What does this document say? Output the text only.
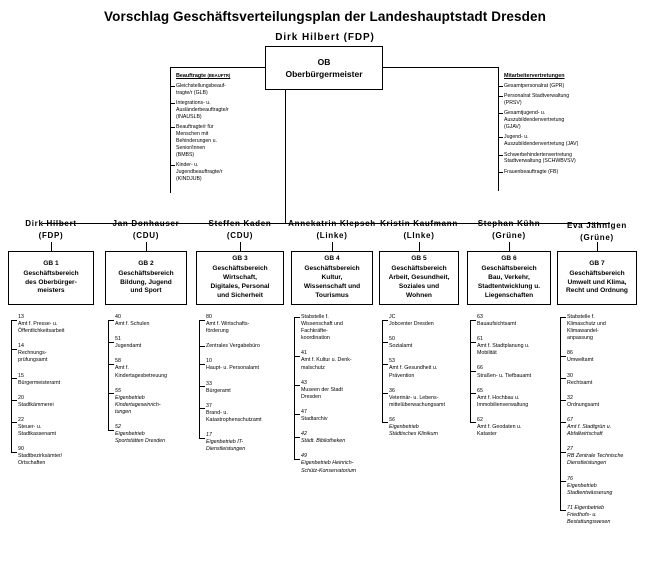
Vorschlag Geschäftsverteilungsplan der Landeshauptstadt Dresden
Dirk Hilbert (FDP)
OB
Oberbürgermeister
Beauftragte (BEAUFTR)
Gleichstellungsbeauf-
tragte/r (GLB)
Integrations- u.
Ausländerbeauftragte/r
(INAUSLB)
Beauftragte/r für
Menschen mit
Behinderungen u.
Senior/innen
(BMBS)
Kinder- u.
Jugendbeauftragte/r
(KINDJUB)
Mitarbeitervertretungen
Gesamtpersonalrat (GPR)
Personalrat Stadtverwaltung
(PRSV)
Gesamtjugend- u.
Auszubildendenvertretung
(GJAV)
Jugend- u.
Auszubildendenvertretung (JAV)
Schwerbehindertenvertretung
Stadtverwaltung (SCHWBVSV)
Frauenbeauftragte (FB)
Dirk Hilbert
(FDP)
GB 1
Geschäftsbereich
des Oberbürger-
meisters
13
Amt f. Presse- u.
Öffentlichkeitsarbeit
14
Rechnungs-
prüfungsamt
15
Bürgermeisteramt
20
Stadtkämmerei
22
Steuer- u.
Stadtkassenamt
90
Stadtbezirksämter/
Ortschaften
Jan Donhauser
(CDU)
GB 2
Geschäftsbereich
Bildung, Jugend
und Sport
40
Amt f. Schulen
51
Jugendamt
58
Amt f.
Kindertagesbetreuung
55
Eigenbetrieb
Kindertageseinrich-
tungen
52
Eigenbetrieb
Sportstätten Dresden
Steffen Kaden
(CDU)
GB 3
Geschäftsbereich
Wirtschaft,
Digitales, Personal
und Sicherheit
80
Amt f. Wirtschafts-
förderung
Zentrales Vergabebüro
10
Haupt- u. Personalamt
33
Bürgeramt
37
Brand- u.
Katastrophenschutzamt
17
Eigenbetrieb IT-
Dienstleistungen
Annekatrin Klepsch
(Linke)
GB 4
Geschäftsbereich
Kultur,
Wissenschaft und
Tourismus
Stabstelle f.
Wissenschaft und
Fachkräfte-
koordination
41
Amt f. Kultur u. Denk-
malschutz
43
Museen der Stadt
Dresden
47
Stadtarchiv
42
Städt. Bibliotheken
49
Eigenbetrieb Heinrich-
Schütz-Konservatorium
Kristin Kaufmann
(LInke)
GB 5
Geschäftsbereich
Arbeit, Gesundheit,
Soziales und
Wohnen
JC
Jobcenter Dresden
50
Sozialamt
53
Amt f. Gesundheit u.
Prävention
36
Veterinär- u. Lebens-
mittelüberwachungsamt
56
Eigenbetrieb
Städtisches Klinikum
Stephan Kühn
(Grüne)
GB 6
Geschäftsbereich
Bau, Verkehr,
Stadtentwicklung u.
Liegenschaften
63
Bauaufsichtsamt
61
Amt f. Stadtplanung u.
Mobilität
66
Straßen- u. Tiefbauamt
65
Amt f. Hochbau u.
Immobilienverwaltung
62
Amt f. Geodaten u.
Kataster
Eva Jähnigen
(Grüne)
GB 7
Geschäftsbereich
Umwelt und Klima,
Recht und Ordnung
Stabstelle f.
Klimaschutz und
Klimawandel-
anpassung
86
Umweltamt
30
Rechtsamt
32
Ordnungsamt
67
Amt f. Stadtgrün u.
Abfallwirtschaft
27
RB Zentrale Technische
Dienstleistungen
76
Eigenbetrieb
Stadtentwässerung
71 Eigenbetrieb
Friedhofs- u.
Bestattungswesen
